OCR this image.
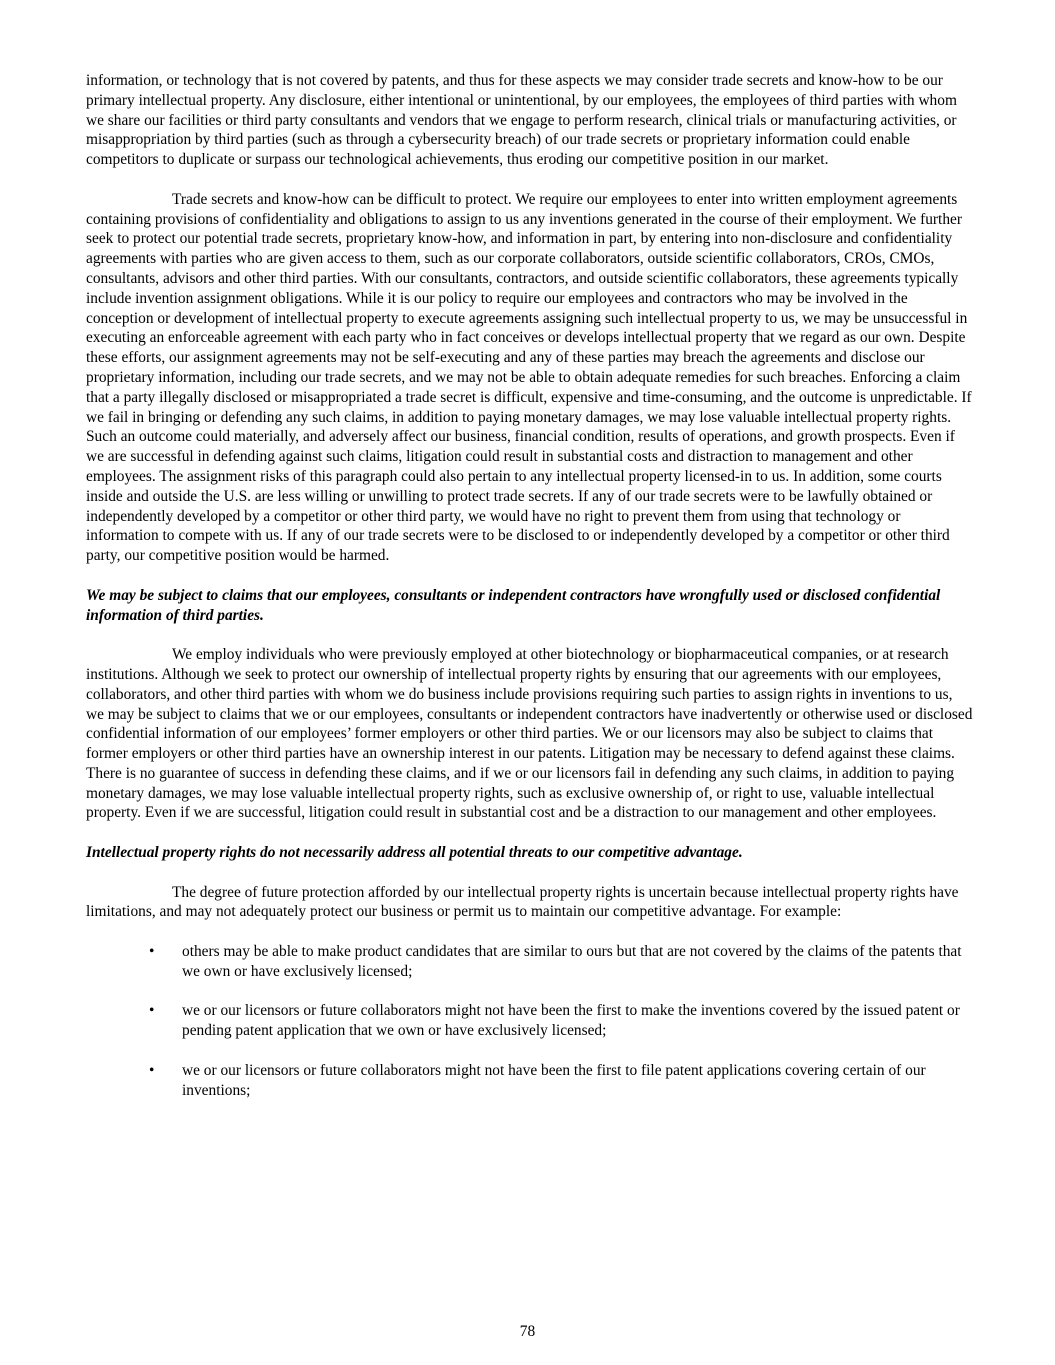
information, or technology that is not covered by patents, and thus for these aspects we may consider trade secrets and know-how to be our primary intellectual property. Any disclosure, either intentional or unintentional, by our employees, the employees of third parties with whom we share our facilities or third party consultants and vendors that we engage to perform research, clinical trials or manufacturing activities, or misappropriation by third parties (such as through a cybersecurity breach) of our trade secrets or proprietary information could enable competitors to duplicate or surpass our technological achievements, thus eroding our competitive position in our market.

Trade secrets and know-how can be difficult to protect. We require our employees to enter into written employment agreements containing provisions of confidentiality and obligations to assign to us any inventions generated in the course of their employment. We further seek to protect our potential trade secrets, proprietary know-how, and information in part, by entering into non-disclosure and confidentiality agreements with parties who are given access to them, such as our corporate collaborators, outside scientific collaborators, CROs, CMOs, consultants, advisors and other third parties. With our consultants, contractors, and outside scientific collaborators, these agreements typically include invention assignment obligations. While it is our policy to require our employees and contractors who may be involved in the conception or development of intellectual property to execute agreements assigning such intellectual property to us, we may be unsuccessful in executing an enforceable agreement with each party who in fact conceives or develops intellectual property that we regard as our own. Despite these efforts, our assignment agreements may not be self-executing and any of these parties may breach the agreements and disclose our proprietary information, including our trade secrets, and we may not be able to obtain adequate remedies for such breaches. Enforcing a claim that a party illegally disclosed or misappropriated a trade secret is difficult, expensive and time-consuming, and the outcome is unpredictable. If we fail in bringing or defending any such claims, in addition to paying monetary damages, we may lose valuable intellectual property rights. Such an outcome could materially, and adversely affect our business, financial condition, results of operations, and growth prospects. Even if we are successful in defending against such claims, litigation could result in substantial costs and distraction to management and other employees. The assignment risks of this paragraph could also pertain to any intellectual property licensed-in to us. In addition, some courts inside and outside the U.S. are less willing or unwilling to protect trade secrets. If any of our trade secrets were to be lawfully obtained or independently developed by a competitor or other third party, we would have no right to prevent them from using that technology or information to compete with us. If any of our trade secrets were to be disclosed to or independently developed by a competitor or other third party, our competitive position would be harmed.

We may be subject to claims that our employees, consultants or independent contractors have wrongfully used or disclosed confidential information of third parties.

We employ individuals who were previously employed at other biotechnology or biopharmaceutical companies, or at research institutions. Although we seek to protect our ownership of intellectual property rights by ensuring that our agreements with our employees, collaborators, and other third parties with whom we do business include provisions requiring such parties to assign rights in inventions to us, we may be subject to claims that we or our employees, consultants or independent contractors have inadvertently or otherwise used or disclosed confidential information of our employees’ former employers or other third parties. We or our licensors may also be subject to claims that former employers or other third parties have an ownership interest in our patents. Litigation may be necessary to defend against these claims. There is no guarantee of success in defending these claims, and if we or our licensors fail in defending any such claims, in addition to paying monetary damages, we may lose valuable intellectual property rights, such as exclusive ownership of, or right to use, valuable intellectual property. Even if we are successful, litigation could result in substantial cost and be a distraction to our management and other employees.

Intellectual property rights do not necessarily address all potential threats to our competitive advantage.

The degree of future protection afforded by our intellectual property rights is uncertain because intellectual property rights have limitations, and may not adequately protect our business or permit us to maintain our competitive advantage. For example:

• others may be able to make product candidates that are similar to ours but that are not covered by the claims of the patents that we own or have exclusively licensed;
• we or our licensors or future collaborators might not have been the first to make the inventions covered by the issued patent or pending patent application that we own or have exclusively licensed;
• we or our licensors or future collaborators might not have been the first to file patent applications covering certain of our inventions;
78
